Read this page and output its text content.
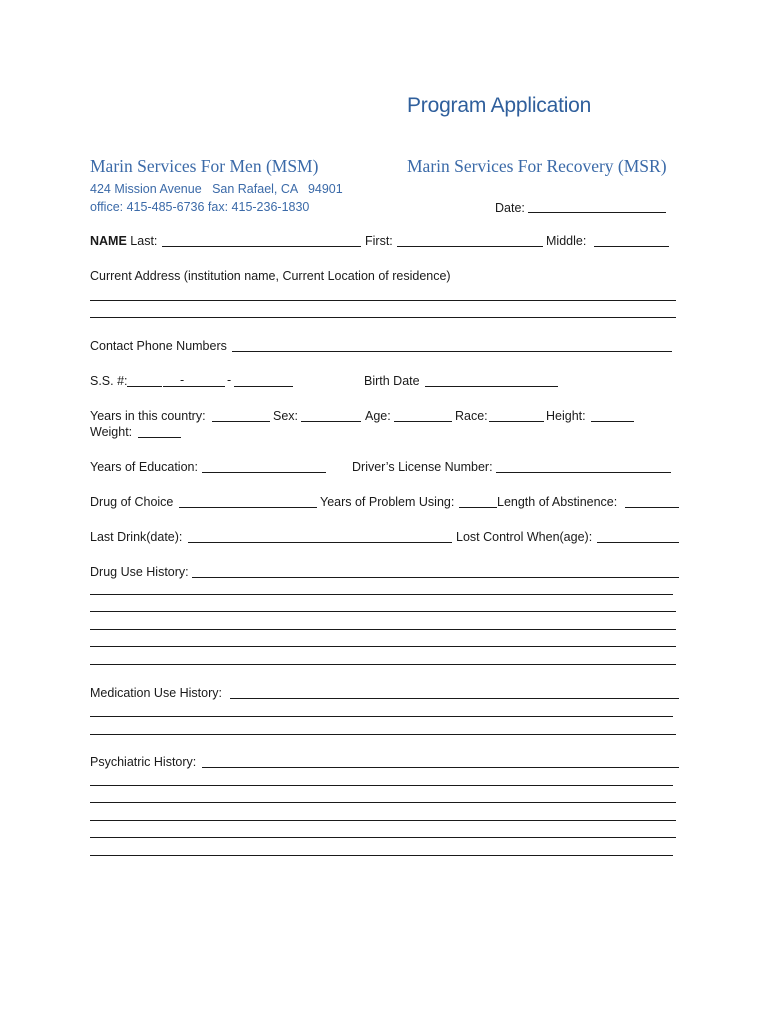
Program Application
Marin Services For Men (MSM)	Marin Services For Recovery (MSR)
424 Mission Avenue   San Rafael, CA   94901
office: 415-485-6736 fax: 415-236-1830	Date:
NAME Last:	First:	Middle:
Current Address (institution name, Current Location of residence)
Contact Phone Numbers
S.S. #:	-	-	Birth Date
Years in this country:	Sex:	Age:	Race:	Height:
Weight:
Years of Education:	Driver’s License Number:
Drug of Choice	Years of Problem Using:	Length of Abstinence:
Last Drink(date):	Lost Control When(age):
Drug Use History:
Medication Use History:
Psychiatric History:
